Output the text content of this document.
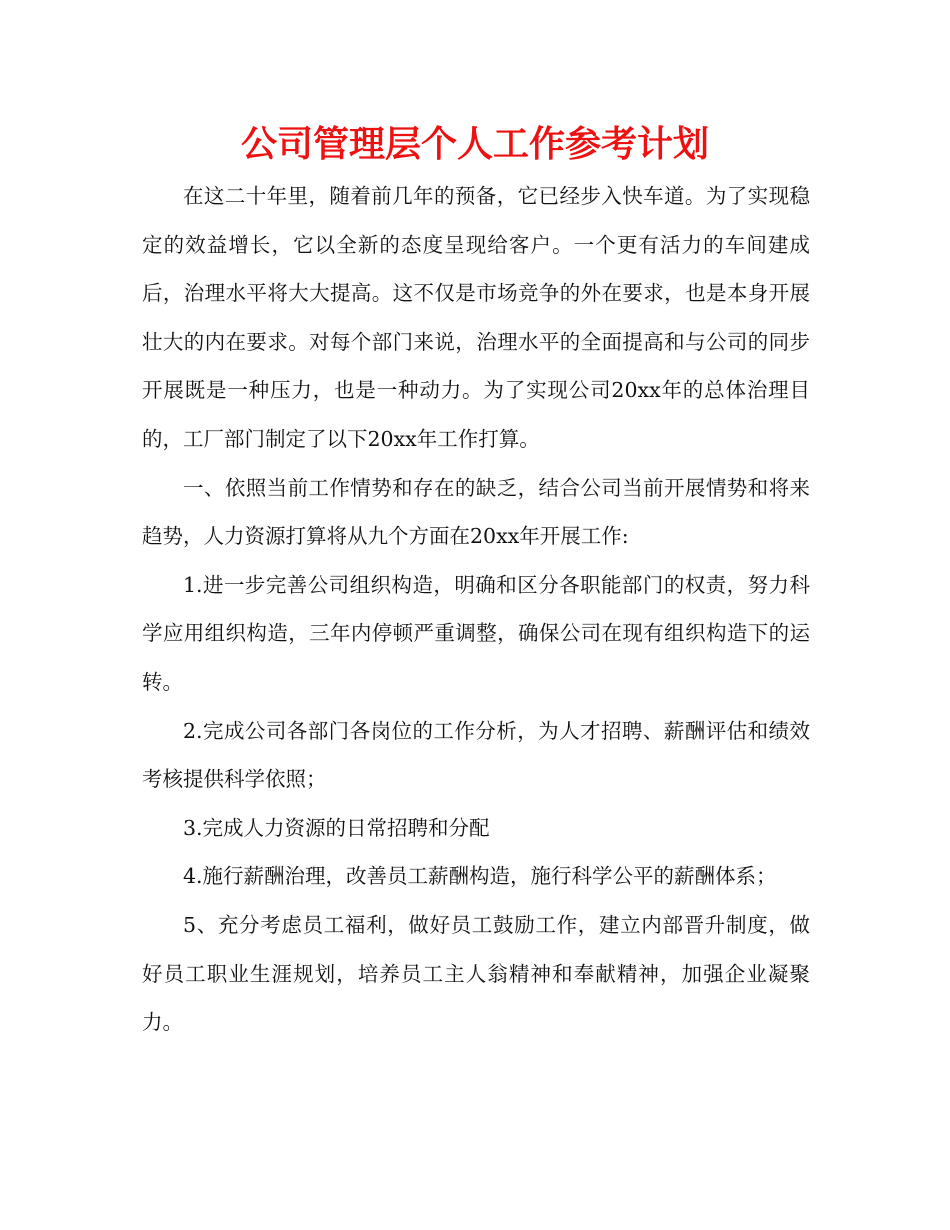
公司管理层个人工作参考计划

在这二十年里，随着前几年的预备，它已经步入快车道。为了实现稳定的效益增长，它以全新的态度呈现给客户。一个更有活力的车间建成后，治理水平将大大提高。这不仅是市场竞争的外在要求，也是本身开展壮大的内在要求。对每个部门来说，治理水平的全面提高和与公司的同步开展既是一种压力，也是一种动力。为了实现公司20xx年的总体治理目的，工厂部门制定了以下20xx年工作打算。

一、依照当前工作情势和存在的缺乏，结合公司当前开展情势和将来趋势，人力资源打算将从九个方面在20xx年开展工作:

1.进一步完善公司组织构造，明确和区分各职能部门的权责，努力科学应用组织构造，三年内停顿严重调整，确保公司在现有组织构造下的运转。

2.完成公司各部门各岗位的工作分析，为人才招聘、薪酬评估和绩效考核提供科学依照；

3.完成人力资源的日常招聘和分配

4.施行薪酬治理，改善员工薪酬构造，施行科学公平的薪酬体系；

5、充分考虑员工福利，做好员工鼓励工作，建立内部晋升制度，做好员工职业生涯规划，培养员工主人翁精神和奉献精神，加强企业凝聚力。
